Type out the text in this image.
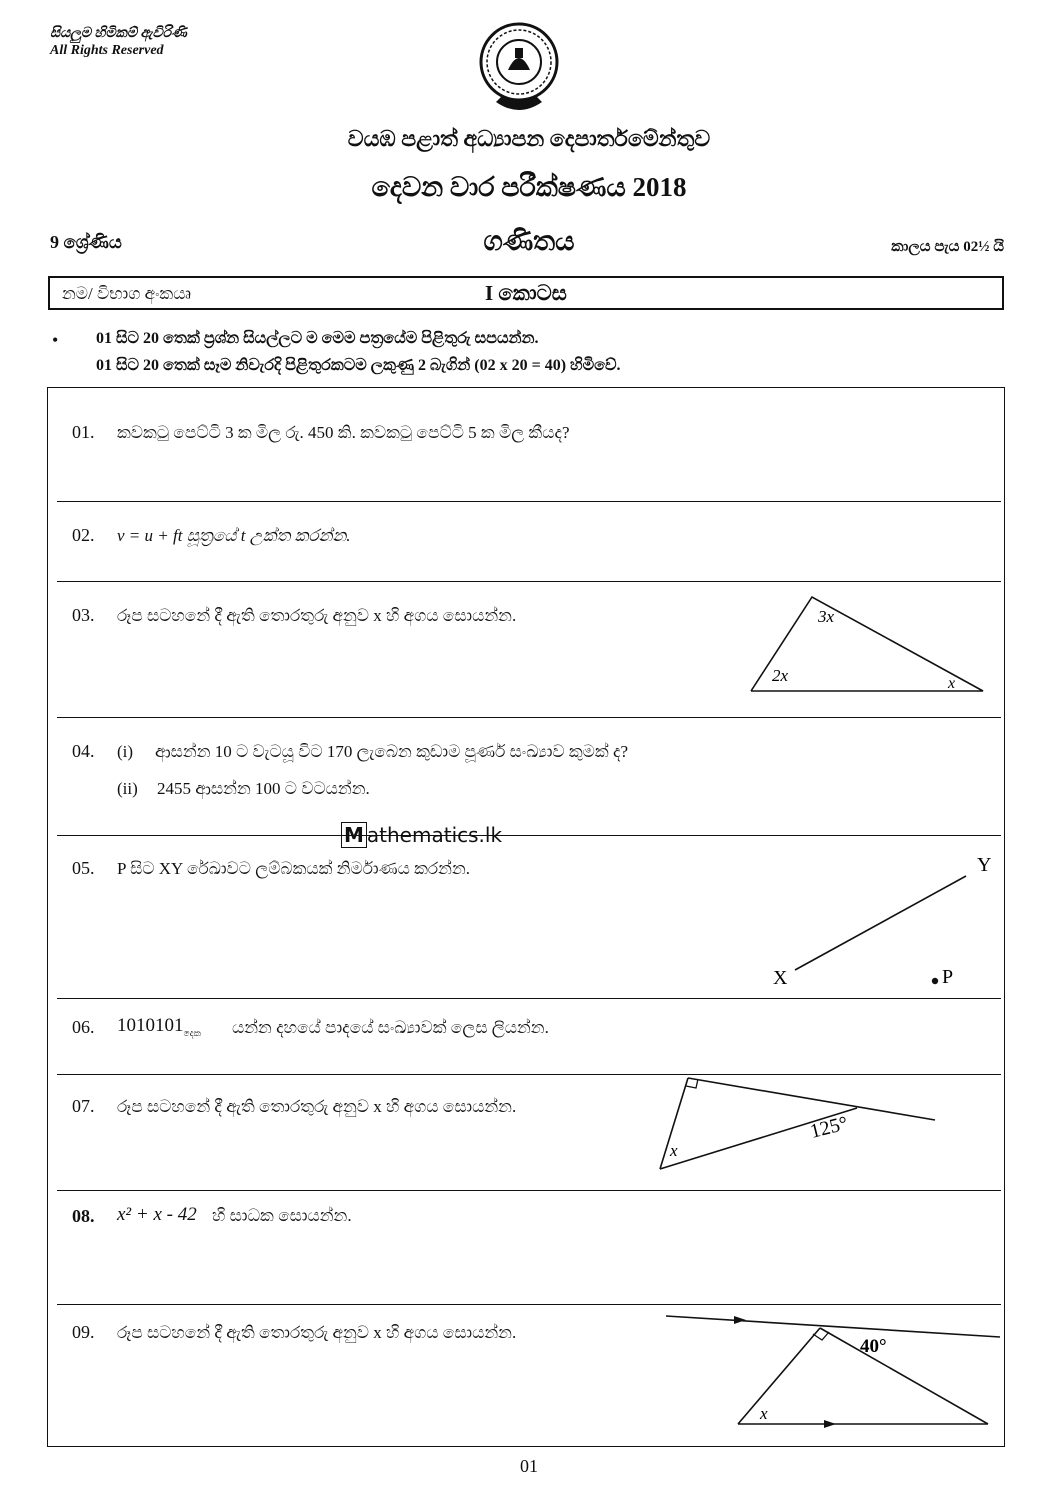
සියලුම හිමිකම් ඇවිරිණි
All Rights Reserved
වයඹ පළාත් අධ්‍යාපන දෙපාර්තමේන්තුව
දෙවන වාර පරීක්ෂණය 2018
ගණිතය
9 ශ්‍රේණිය	කාලය පැය 02½ යි
නම/ විභාග අංකයෘ	I කොටස
• 01 සිට 20 තෙක් ප්‍රශ්න සියල්ලට ම මෙම පත්‍රයේම පිළිතුරු සපයන්න.
01 සිට 20 තෙක් සෑම නිවැරදි පිළිතුරකටම ලකුණු 2 බැගින් (02 x 20 = 40) හිමිවේ.
01. කවකටු පෙට්ටි 3 ක මිල රු. 450 කි. කවකටු පෙට්ටි 5 ක මිල කීයද?
02. v = u + ft සූත්‍රයේ t උක්ත කරන්න.
03. රූප සටහනේ දී ඇති තොරතුරු අනුව x හි අගය සොයන්න.	3x
2x	x
04. (i) ආසන්න 10 ට වැටයූ විට 170 ලැබෙන කුඩාම පූර්ණ සංඛ්‍යාව කුමක් ද?
(ii) 2455 ආසන්න 100 ට වටයන්න.
M athematics.lk
05. P සිට XY රේඛාවට ලම්බකයක් නිර්මාණය කරන්න.	Y
X	P
06. $1010101_{දෙක}$ යන්න දහයේ පාදයේ සංඛ්‍යාවක් ලෙස ලියන්න.
07. රූප සටහනේ දී ඇති තොරතුරු අනුව x හි අගය සොයන්න.
125°
x
08. x² + x - 42 හි සාධක සොයන්න.
09. රූප සටහනේ දී ඇති තොරතුරු අනුව x හි අගය සොයන්න.
40°
x
01
